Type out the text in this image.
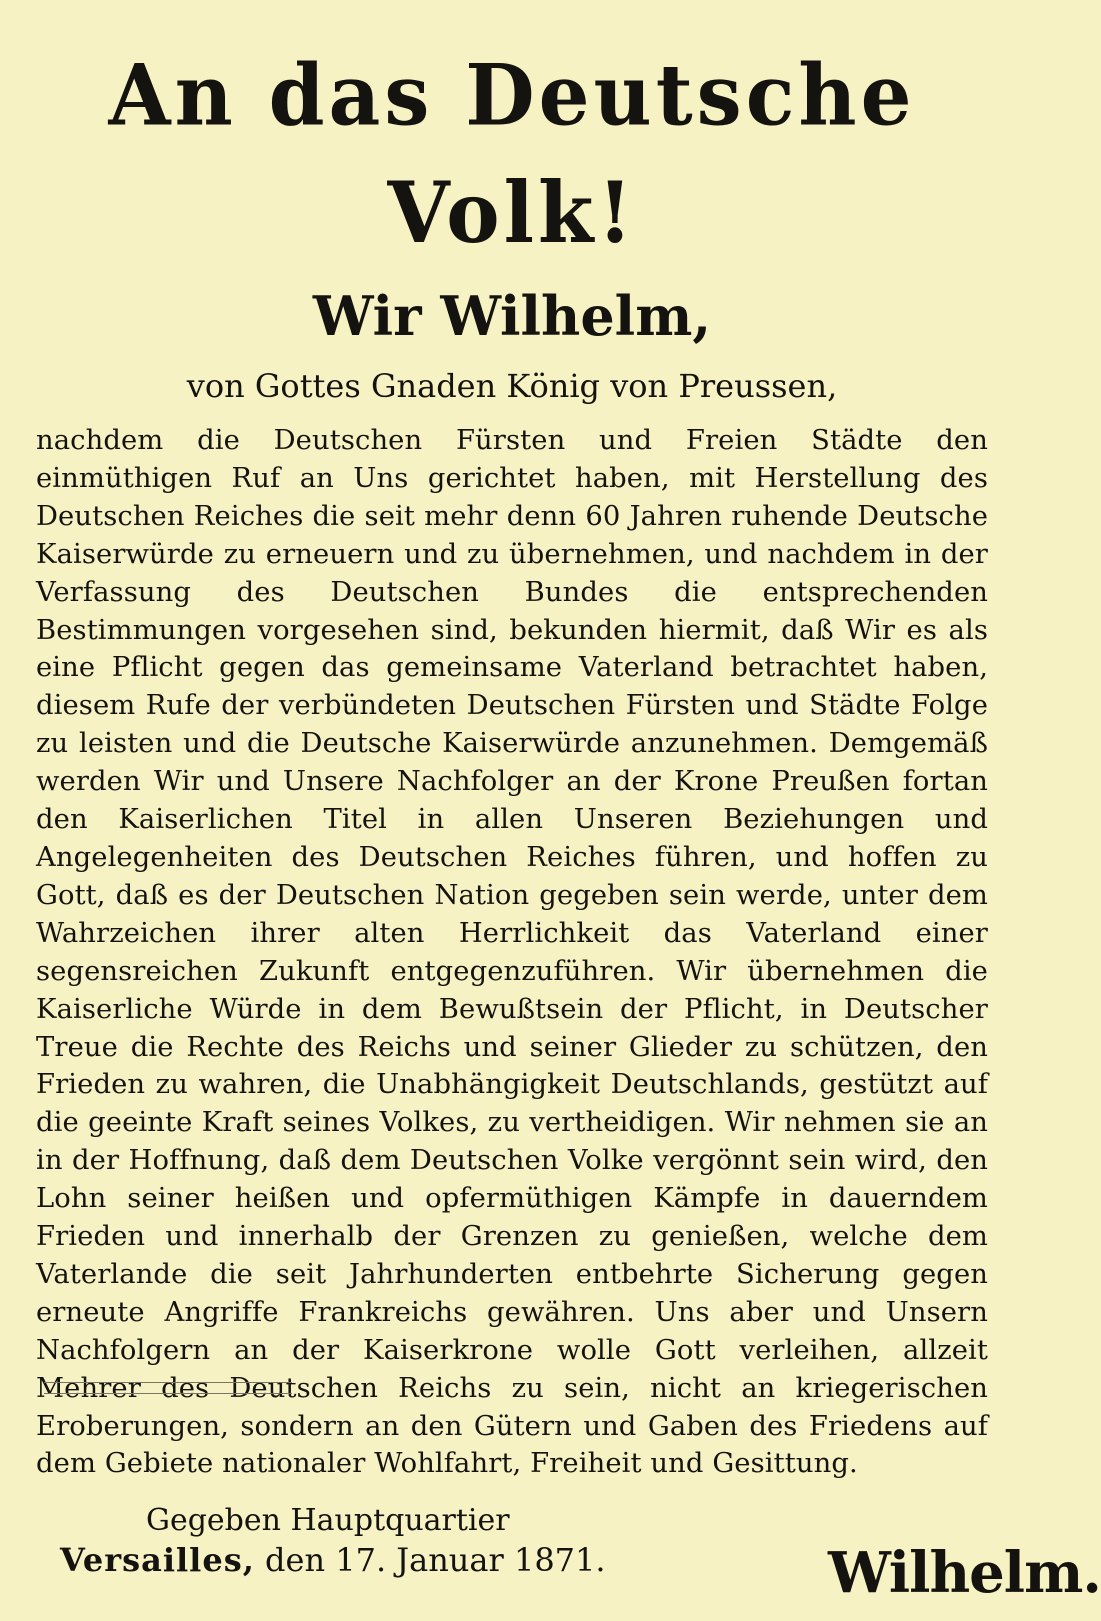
An das Deutsche Volk!
Wir Wilhelm,
von Gottes Gnaden König von Preussen,

nachdem die Deutschen Fürsten und Freien Städte den einmüthigen Ruf an Uns gerichtet haben, mit Herstellung des Deutschen Reiches die seit mehr denn 60 Jahren ruhende Deutsche Kaiserwürde zu erneuern und zu übernehmen, und nachdem in der Verfassung des Deutschen Bundes die entsprechenden Bestimmungen vorgesehen sind, bekunden hiermit, daß Wir es als eine Pflicht gegen das gemeinsame Vaterland betrachtet haben, diesem Rufe der verbündeten Deutschen Fürsten und Städte Folge zu leisten und die Deutsche Kaiserwürde anzunehmen. Demgemäß werden Wir und Unsere Nachfolger an der Krone Preußen fortan den Kaiserlichen Titel in allen Unseren Beziehungen und Angelegenheiten des Deutschen Reiches führen, und hoffen zu Gott, daß es der Deutschen Nation gegeben sein werde, unter dem Wahrzeichen ihrer alten Herrlichkeit das Vaterland einer segensreichen Zukunft entgegenzuführen. Wir übernehmen die Kaiserliche Würde in dem Bewußtsein der Pflicht, in Deutscher Treue die Rechte des Reichs und seiner Glieder zu schützen, den Frieden zu wahren, die Unabhängigkeit Deutschlands, gestützt auf die geeinte Kraft seines Volkes, zu vertheidigen. Wir nehmen sie an in der Hoffnung, daß dem Deutschen Volke vergönnt sein wird, den Lohn seiner heißen und opfermüthigen Kämpfe in dauerndem Frieden und innerhalb der Grenzen zu genießen, welche dem Vaterlande die seit Jahrhunderten entbehrte Sicherung gegen erneute Angriffe Frankreichs gewähren. Uns aber und Unsern Nachfolgern an der Kaiserkrone wolle Gott verleihen, allzeit Mehrer des Deutschen Reichs zu sein, nicht an kriegerischen Eroberungen, sondern an den Gütern und Gaben des Friedens auf dem Gebiete nationaler Wohlfahrt, Freiheit und Gesittung.

Gegeben Hauptquartier
Versailles, den 17. Januar 1871.	Wilhelm.
